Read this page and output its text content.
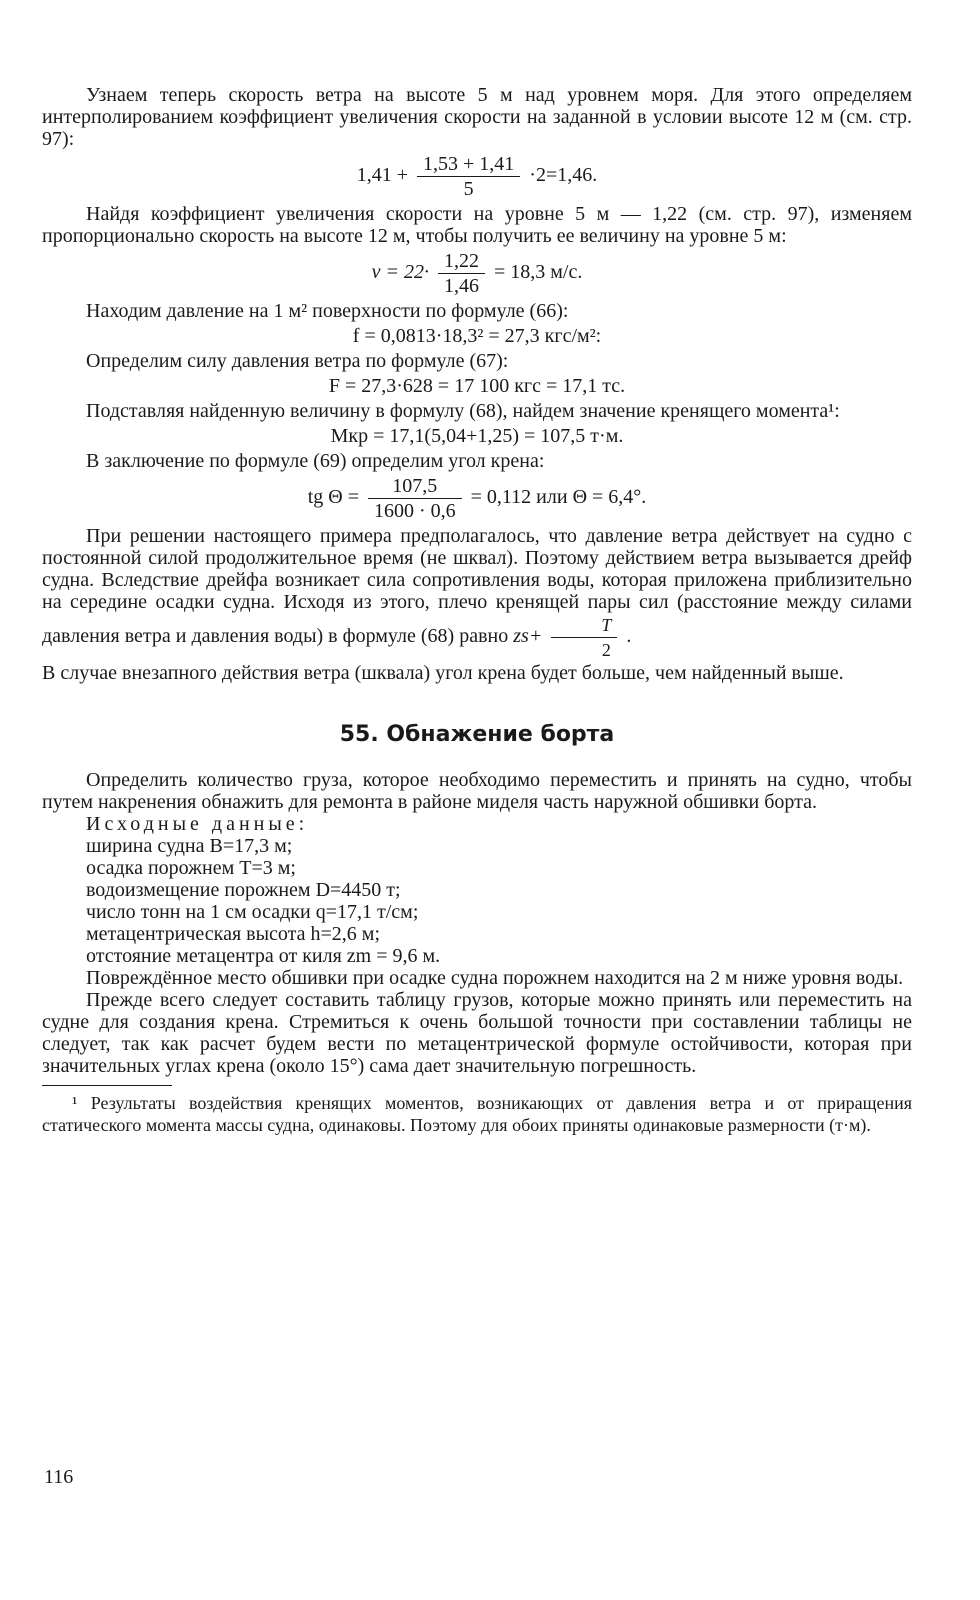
Узнаем теперь скорость ветра на высоте 5 м над уровнем моря. Для этого определяем интерполированием коэффициент увеличения скорости на заданной в условии высоте 12 м (см. стр. 97):

$1,41 + \frac{1,53 + 1,41}{5} \cdot 2=1,46$.

Найдя коэффициент увеличения скорости на уровне 5 м — 1,22 (см. стр. 97), изменяем пропорционально скорость на высоте 12 м, чтобы получить ее величину на уровне 5 м:

$v = 22\cdot \frac{1,22}{1,46} = 18,3$ м/с.

Находим давление на 1 м² поверхности по формуле (66):

f = 0,0813·18,3² = 27,3 кгс/м²:

Определим силу давления ветра по формуле (67):

F = 27,3·628 = 17 100 кгс = 17,1 тс.

Подставляя найденную величину в формулу (68), найдем значение кренящего момента¹:

Мкр = 17,1(5,04+1,25) = 107,5 т·м.

В заключение по формуле (69) определим угол крена:

tg $\Theta = \frac{107,5}{1600 \cdot 0,6} = 0,112$ или Θ = 6,4°.

При решении настоящего примера предполагалось, что давление ветра действует на судно с постоянной силой продолжительное время (не шквал). Поэтому действием ветра вызывается дрейф судна. Вследствие дрейфа возникает сила сопротивления воды, которая приложена приблизительно на середине осадки судна. Исходя из этого, плечо кренящей пары сил (расстояние между силами давления ветра и давления воды) в формуле (68) равно $zs+ \frac{T}{2}$ .

В случае внезапного действия ветра (шквала) угол крена будет больше, чем найденный выше.

55. Обнажение борта

Определить количество груза, которое необходимо переместить и принять на судно, чтобы путем накренения обнажить для ремонта в районе миделя часть наружной обшивки борта.

Исходные данные:

ширина судна B=17,3 м;

осадка порожнем T=3 м;

водоизмещение порожнем D=4450 т;

число тонн на 1 см осадки q=17,1 т/см;

метацентрическая высота h=2,6 м;

отстояние метацентра от киля zm = 9,6 м.

Повреждённое место обшивки при осадке судна порожнем находится на 2 м ниже уровня воды.

Прежде всего следует составить таблицу грузов, которые можно принять или переместить на судне для создания крена. Стремиться к очень большой точности при составлении таблицы не следует, так как расчет будем вести по метацентрической формуле остойчивости, которая при значительных углах крена (около 15°) сама дает значительную погрешность.

¹ Результаты воздействия кренящих моментов, возникающих от давления ветра и от приращения статического момента массы судна, одинаковы. Поэтому для обоих приняты одинаковые размерности (т·м).

116
